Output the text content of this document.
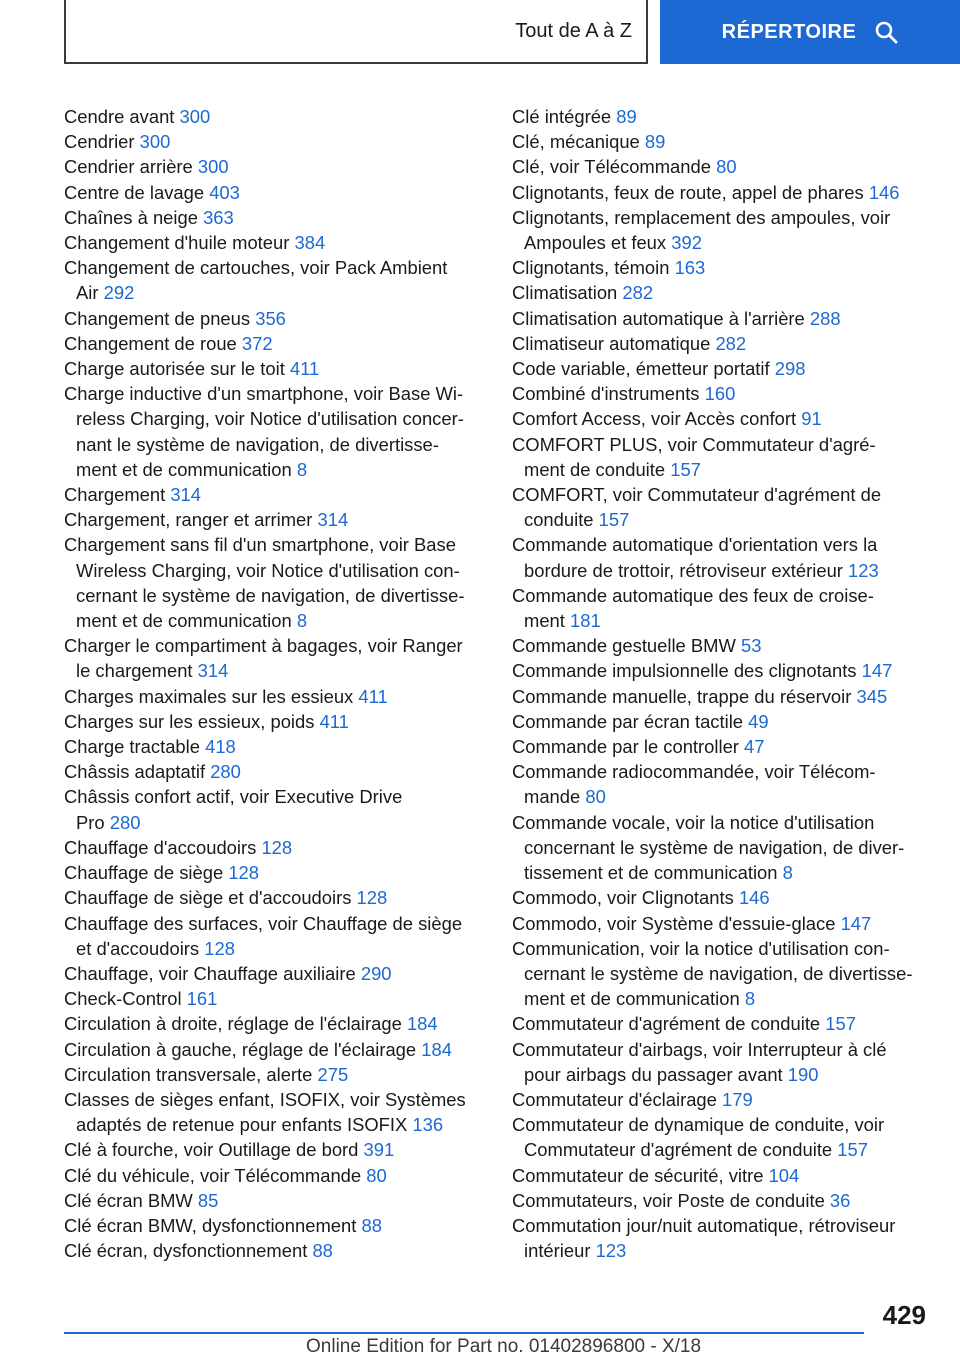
Tout de A à Z	RÉPERTOIRE
Cendre avant 300
Cendrier 300
Cendrier arrière 300
Centre de lavage 403
Chaînes à neige 363
Changement d'huile moteur 384
Changement de cartouches, voir Pack Ambient
Air 292
Changement de pneus 356
Changement de roue 372
Charge autorisée sur le toit 411
Charge inductive d'un smartphone, voir Base Wi-
reless Charging, voir Notice d'utilisation concer-
nant le système de navigation, de divertisse-
ment et de communication 8
Chargement 314
Chargement, ranger et arrimer 314
Chargement sans fil d'un smartphone, voir Base
Wireless Charging, voir Notice d'utilisation con-
cernant le système de navigation, de divertisse-
ment et de communication 8
Charger le compartiment à bagages, voir Ranger
le chargement 314
Charges maximales sur les essieux 411
Charges sur les essieux, poids 411
Charge tractable 418
Châssis adaptatif 280
Châssis confort actif, voir Executive Drive
Pro 280
Chauffage d'accoudoirs 128
Chauffage de siège 128
Chauffage de siège et d'accoudoirs 128
Chauffage des surfaces, voir Chauffage de siège
et d'accoudoirs 128
Chauffage, voir Chauffage auxiliaire 290
Check-Control 161
Circulation à droite, réglage de l'éclairage 184
Circulation à gauche, réglage de l'éclairage 184
Circulation transversale, alerte 275
Classes de sièges enfant, ISOFIX, voir Systèmes
adaptés de retenue pour enfants ISOFIX 136
Clé à fourche, voir Outillage de bord 391
Clé du véhicule, voir Télécommande 80
Clé écran BMW 85
Clé écran BMW, dysfonctionnement 88
Clé écran, dysfonctionnement 88
Clé intégrée 89
Clé, mécanique 89
Clé, voir Télécommande 80
Clignotants, feux de route, appel de phares 146
Clignotants, remplacement des ampoules, voir
Ampoules et feux 392
Clignotants, témoin 163
Climatisation 282
Climatisation automatique à l'arrière 288
Climatiseur automatique 282
Code variable, émetteur portatif 298
Combiné d'instruments 160
Comfort Access, voir Accès confort 91
COMFORT PLUS, voir Commutateur d'agré-
ment de conduite 157
COMFORT, voir Commutateur d'agrément de
conduite 157
Commande automatique d'orientation vers la
bordure de trottoir, rétroviseur extérieur 123
Commande automatique des feux de croise-
ment 181
Commande gestuelle BMW 53
Commande impulsionnelle des clignotants 147
Commande manuelle, trappe du réservoir 345
Commande par écran tactile 49
Commande par le controller 47
Commande radiocommandée, voir Télécom-
mande 80
Commande vocale, voir la notice d'utilisation
concernant le système de navigation, de diver-
tissement et de communication 8
Commodo, voir Clignotants 146
Commodo, voir Système d'essuie-glace 147
Communication, voir la notice d'utilisation con-
cernant le système de navigation, de divertisse-
ment et de communication 8
Commutateur d'agrément de conduite 157
Commutateur d'airbags, voir Interrupteur à clé
pour airbags du passager avant 190
Commutateur d'éclairage 179
Commutateur de dynamique de conduite, voir
Commutateur d'agrément de conduite 157
Commutateur de sécurité, vitre 104
Commutateurs, voir Poste de conduite 36
Commutation jour/nuit automatique, rétroviseur
intérieur 123
429
Online Edition for Part no. 01402896800 - X/18
